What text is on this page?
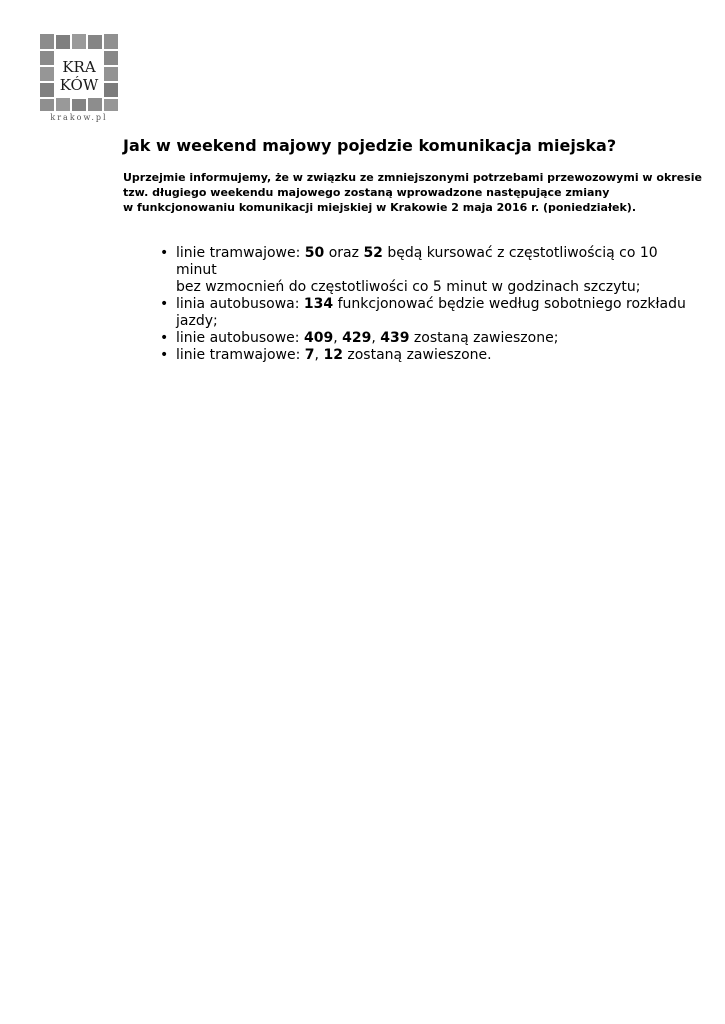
KRA
KÓW
krakow.pl
Jak w weekend majowy pojedzie komunikacja miejska?

Uprzejmie informujemy, że w związku ze zmniejszonymi potrzebami przewozowymi w okresie
tzw. długiego weekendu majowego zostaną wprowadzone następujące zmiany
w funkcjonowaniu komunikacji miejskiej w Krakowie 2 maja 2016 r. (poniedziałek).

• linie tramwajowe: 50 oraz 52 będą kursować z częstotliwością co 10 minut
bez wzmocnień do częstotliwości co 5 minut w godzinach szczytu;
• linia autobusowa: 134 funkcjonować będzie według sobotniego rozkładu
jazdy;
• linie autobusowe: 409, 429, 439 zostaną zawieszone;
• linie tramwajowe: 7, 12 zostaną zawieszone.
